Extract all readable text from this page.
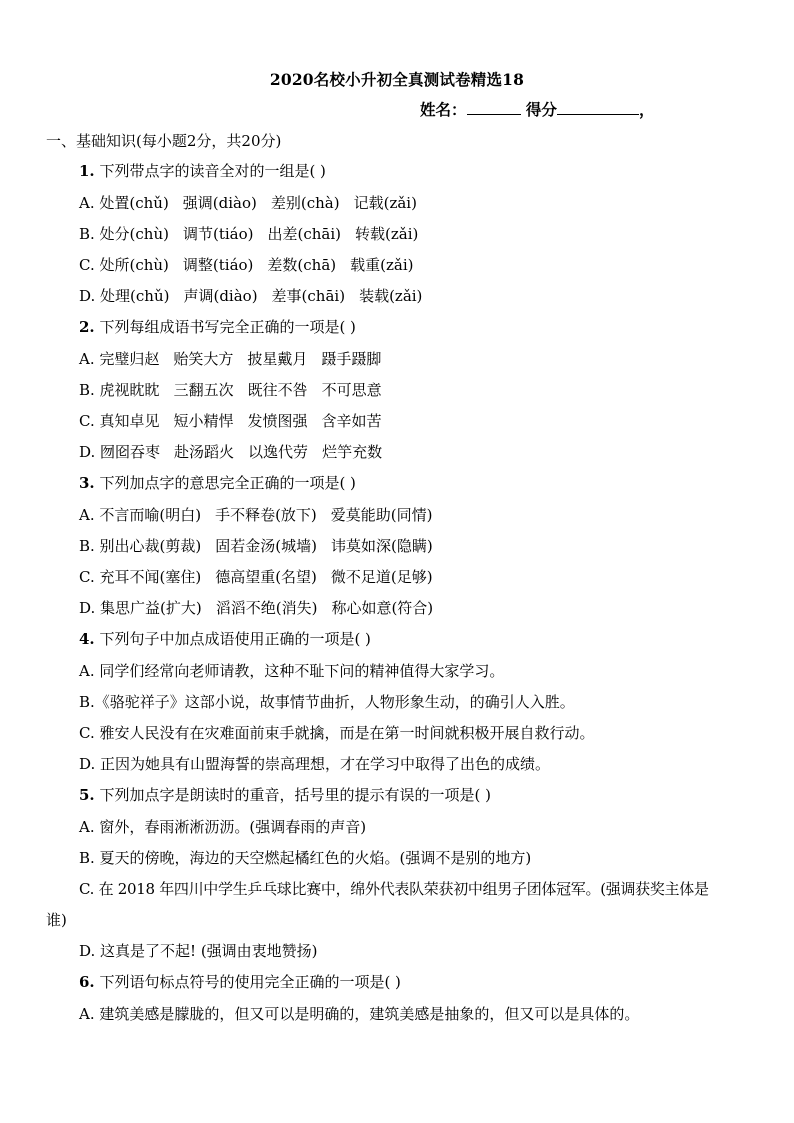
2020名校小升初全真测试卷精选18
姓名：	得分	，
一、基础知识(每小题2分，共20分)
1. 下列带点字的读音全对的一组是( )
A. 处置(chǔ) 强调(diào) 差别(chà) 记载(zǎi)
B. 处分(chù) 调节(tiáo) 出差(chāi) 转载(zǎi)
C. 处所(chù) 调整(tiáo) 差数(chā) 载重(zǎi)
D. 处理(chǔ) 声调(diào) 差事(chāi) 装载(zǎi)
2. 下列每组成语书写完全正确的一项是( )
A. 完璧归赵 贻笑大方 披星戴月 蹑手蹑脚
B. 虎视眈眈 三翻五次 既往不咎 不可思意
C. 真知卓见 短小精悍 发愤图强 含辛如苦
D. 囫囵吞枣 赴汤蹈火 以逸代劳 烂竽充数
3. 下列加点字的意思完全正确的一项是( )
A. 不言而喻(明白) 手不释卷(放下) 爱莫能助(同情)
B. 别出心裁(剪裁) 固若金汤(城墙) 讳莫如深(隐瞒)
C. 充耳不闻(塞住) 德高望重(名望) 微不足道(足够)
D. 集思广益(扩大) 滔滔不绝(消失) 称心如意(符合)
4. 下列句子中加点成语使用正确的一项是( )
A. 同学们经常向老师请教，这种不耻下问的精神值得大家学习。
B.《骆驼祥子》这部小说，故事情节曲折，人物形象生动，的确引人入胜。
C. 雅安人民没有在灾难面前束手就擒，而是在第一时间就积极开展自救行动。
D. 正因为她具有山盟海誓的崇高理想，才在学习中取得了出色的成绩。
5. 下列加点字是朗读时的重音，括号里的提示有误的一项是( )
A. 窗外，春雨淅淅沥沥。(强调春雨的声音)
B. 夏天的傍晚，海边的天空燃起橘红色的火焰。(强调不是别的地方)
C. 在 2018 年四川中学生乒乓球比赛中，绵外代表队荣获初中组男子团体冠军。(强调获奖主体是
谁)
D. 这真是了不起! (强调由衷地赞扬)
6. 下列语句标点符号的使用完全正确的一项是( )
A. 建筑美感是朦胧的，但又可以是明确的，建筑美感是抽象的，但又可以是具体的。
